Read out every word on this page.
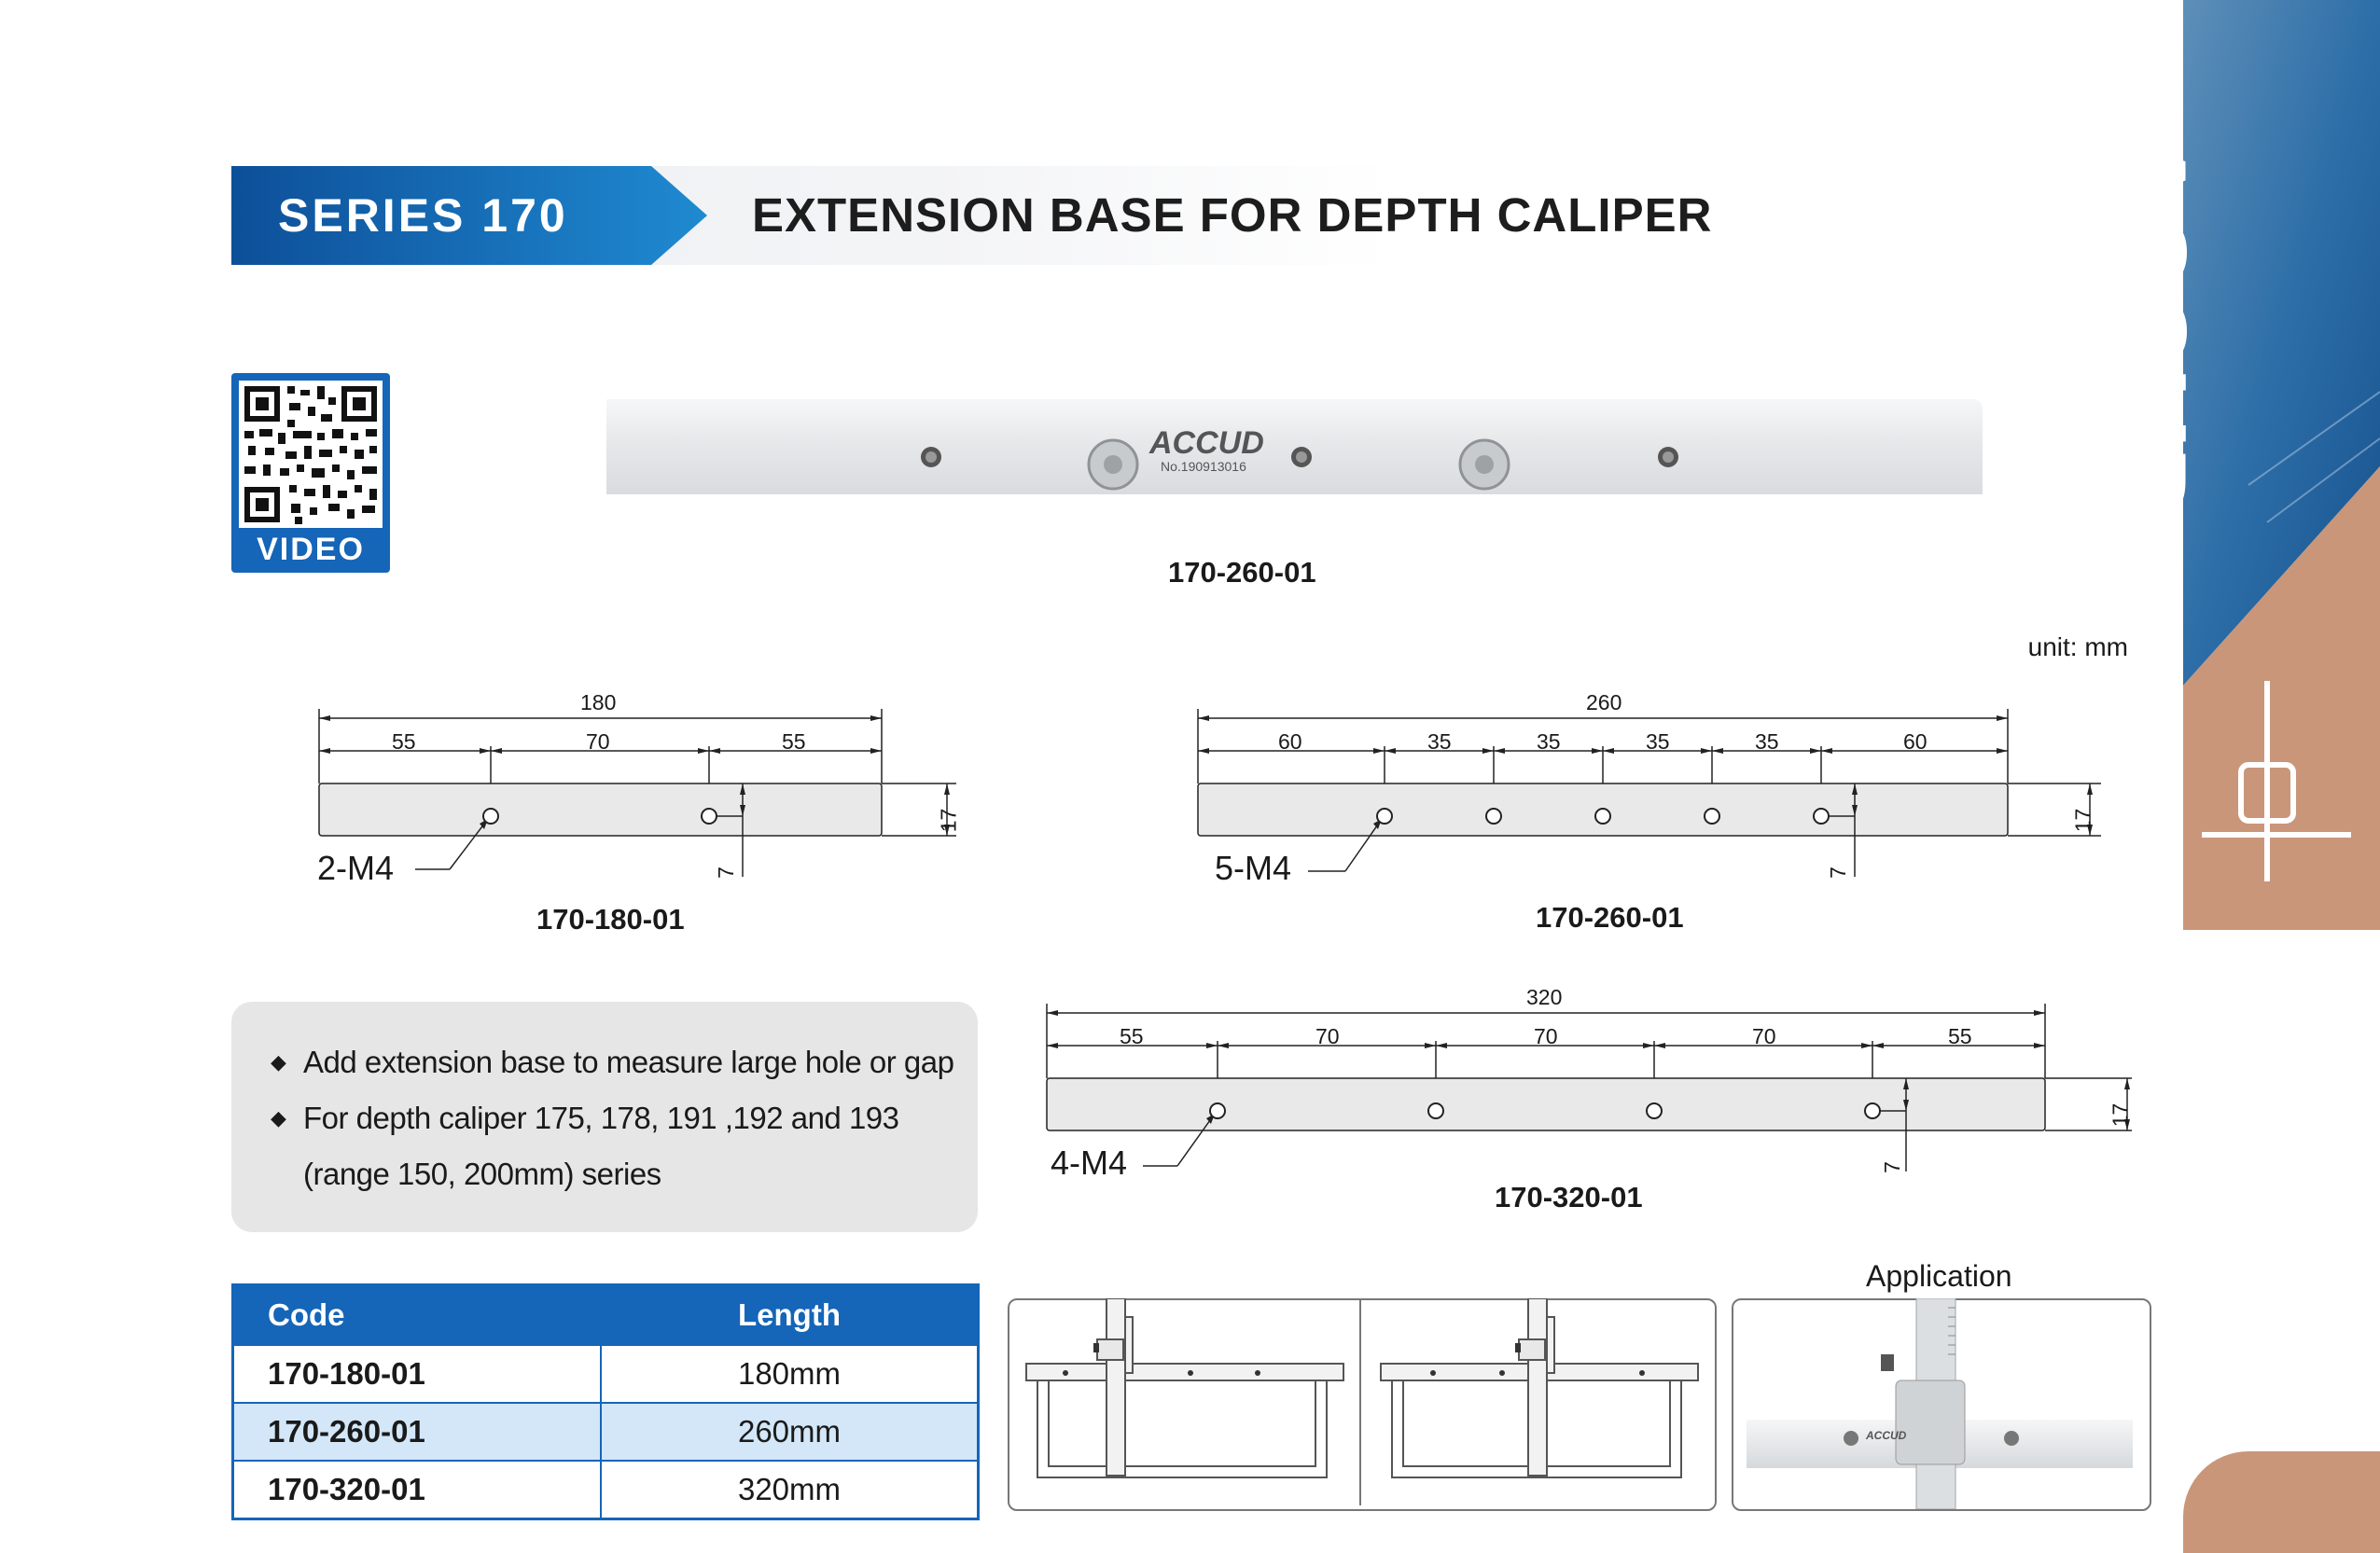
SERIES 170	EXTENSION BASE FOR DEPTH CALIPER
VIDEO
ACCUD
No.190913016
170-260-01
unit: mm
180
55	70	55
17
7
2-M4
170-180-01
260
60	35	35	35	35	60
17
7
5-M4
170-260-01
320
55	70	70	70	55
17
7
4-M4
170-320-01
◆ Add extension base to measure large hole or gap
◆ For depth caliper 175, 178, 191 ,192 and 193
(range 150, 200mm) series
Code	Length
170-180-01	180mm
170-260-01	260mm
170-320-01	320mm
Application
ACCUD
ACCUD
